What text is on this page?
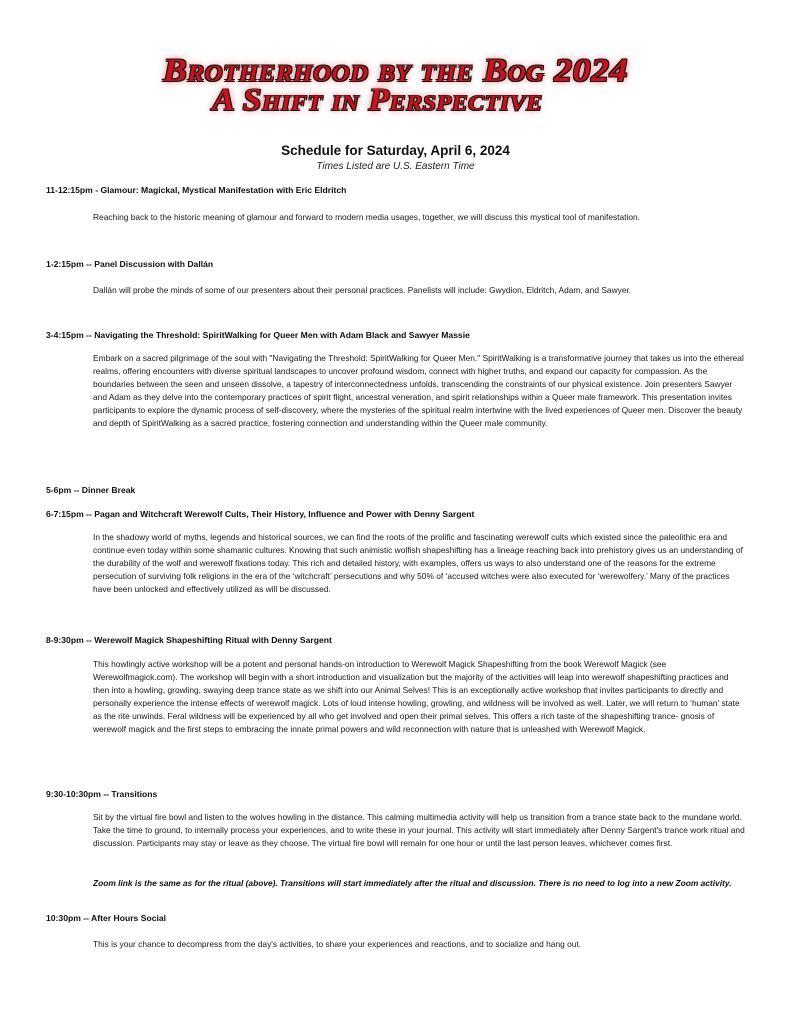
Brotherhood by the Bog 2024
A Shift in Perspective
Schedule for Saturday, April 6, 2024
Times Listed are U.S. Eastern Time
11-12:15pm - Glamour: Magickal, Mystical Manifestation with Eric Eldritch

Reaching back to the historic meaning of glamour and forward to modern media usages, together, we will discuss this mystical tool of manifestation.

1-2:15pm -- Panel Discussion with Dallán

Dallán will probe the minds of some of our presenters about their personal practices. Panelists will include: Gwydion, Eldritch, Adam, and Sawyer.

3-4:15pm -- Navigating the Threshold: SpiritWalking for Queer Men with Adam Black and Sawyer Massie

Embark on a sacred pilgrimage of the soul with "Navigating the Threshold: SpiritWalking for Queer Men." SpiritWalking is a transformative journey that takes us into the ethereal realms, offering encounters with diverse spiritual landscapes to uncover profound wisdom, connect with higher truths, and expand our capacity for compassion. As the boundaries between the seen and unseen dissolve, a tapestry of interconnectedness unfolds, transcending the constraints of our physical existence. Join presenters Sawyer and Adam as they delve into the contemporary practices of spirit flight, ancestral veneration, and spirit relationships within a Queer male framework. This presentation invites participants to explore the dynamic process of self-discovery, where the mysteries of the spiritual realm intertwine with the lived experiences of Queer men. Discover the beauty and depth of SpiritWalking as a sacred practice, fostering connection and understanding within the Queer male community.

5-6pm -- Dinner Break
6-7:15pm -- Pagan and Witchcraft Werewolf Cults, Their History, Influence and Power with Denny Sargent

In the shadowy world of myths, legends and historical sources, we can find the roots of the prolific and fascinating werewolf cults which existed since the paleolithic era and continue even today within some shamanic cultures. Knowing that such animistic wolfish shapeshifting has a lineage reaching back into prehistory gives us an understanding of the durability of the wolf and werewolf fixations today. This rich and detailed history, with examples, offers us ways to also understand one of the reasons for the extreme persecution of surviving folk religions in the era of the ‘witchcraft’ persecutions and why 50% of ‘accused witches were also executed for ‘werewolfery.’ Many of the practices have been unlocked and effectively utilized as will be discussed.

8-9:30pm -- Werewolf Magick Shapeshifting Ritual with Denny Sargent

This howlingly active workshop will be a potent and personal hands-on introduction to Werewolf Magick Shapeshifting from the book Werewolf Magick (see Werewolfmagick.com). The workshop will begin with a short introduction and visualization but the majority of the activities will leap into werewolf shapeshifting practices and then into a howling, growling, swaying deep trance state as we shift into our Animal Selves! This is an exceptionally active workshop that invites participants to directly and personally experience the intense effects of werewolf magick. Lots of loud intense howling, growling, and wildness will be involved as well. Later, we will return to ‘human’ state as the rite unwinds. Feral wildness will be experienced by all who get involved and open their primal selves. This offers a rich taste of the shapeshifting trance- gnosis of werewolf magick and the first steps to embracing the innate primal powers and wild reconnection with nature that is unleashed with Werewolf Magick.

9:30-10:30pm -- Transitions

Sit by the virtual fire bowl and listen to the wolves howling in the distance. This calming multimedia activity will help us transition from a trance state back to the mundane world. Take the time to ground, to internally process your experiences, and to write these in your journal. This activity will start immediately after Denny Sargent's trance work ritual and discussion. Participants may stay or leave as they choose. The virtual fire bowl will remain for one hour or until the last person leaves, whichever comes first.

Zoom link is the same as for the ritual (above). Transitions will start immediately after the ritual and discussion. There is no need to log into a new Zoom activity.

10:30pm -- After Hours Social

This is your chance to decompress from the day's activities, to share your experiences and reactions, and to socialize and hang out.
